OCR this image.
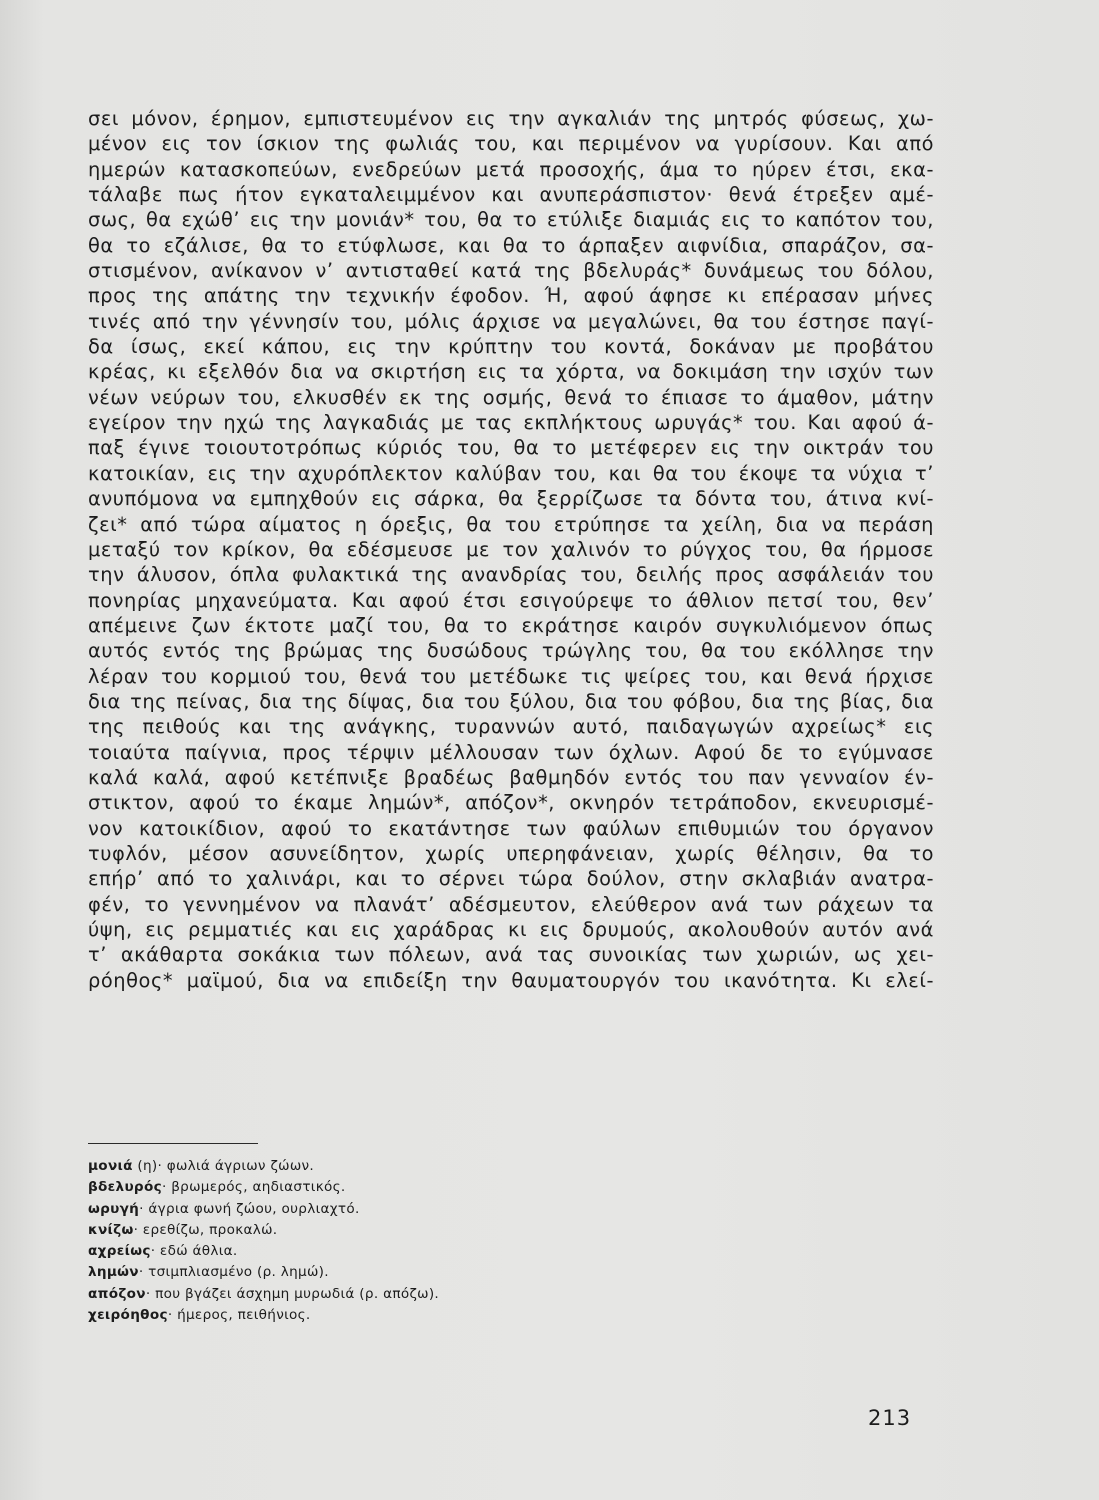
σει μόνον, έρημον, εμπιστευμένον εις την αγκαλιάν της μητρός φύσεως, χω-
μένον εις τον ίσκιον της φωλιάς του, και περιμένον να γυρίσουν. Και από
ημερών κατασκοπεύων, ενεδρεύων μετά προσοχής, άμα το ηύρεν έτσι, εκα-
τάλαβε πως ήτον εγκαταλειμμένον και ανυπεράσπιστον· θενά έτρεξεν αμέ-
σως, θα εχώθ’ εις την μονιάν* του, θα το ετύλιξε διαμιάς εις το καπότον του,
θα το εζάλισε, θα το ετύφλωσε, και θα το άρπαξεν αιφνίδια, σπαράζον, σα-
στισμένον, ανίκανον ν’ αντισταθεί κατά της βδελυράς* δυνάμεως του δόλου,
προς της απάτης την τεχνικήν έφοδον. Ή, αφού άφησε κι επέρασαν μήνες
τινές από την γέννησίν του, μόλις άρχισε να μεγαλώνει, θα του έστησε παγί-
δα ίσως, εκεί κάπου, εις την κρύπτην του κοντά, δοκάναν με προβάτου
κρέας, κι εξελθόν δια να σκιρτήση εις τα χόρτα, να δοκιμάση την ισχύν των
νέων νεύρων του, ελκυσθέν εκ της οσμής, θενά το έπιασε το άμαθον, μάτην
εγείρον την ηχώ της λαγκαδιάς με τας εκπλήκτους ωρυγάς* του. Και αφού ά-
παξ έγινε τοιουτοτρόπως κύριός του, θα το μετέφερεν εις την οικτράν του
κατοικίαν, εις την αχυρόπλεκτον καλύβαν του, και θα του έκοψε τα νύχια τ’
ανυπόμονα να εμπηχθούν εις σάρκα, θα ξερρίζωσε τα δόντα του, άτινα κνί-
ζει* από τώρα αίματος η όρεξις, θα του ετρύπησε τα χείλη, δια να περάση
μεταξύ τον κρίκον, θα εδέσμευσε με τον χαλινόν το ρύγχος του, θα ήρμοσε
την άλυσον, όπλα φυλακτικά της ανανδρίας του, δειλής προς ασφάλειάν του
πονηρίας μηχανεύματα. Και αφού έτσι εσιγούρεψε το άθλιον πετσί του, θεν’
απέμεινε ζων έκτοτε μαζί του, θα το εκράτησε καιρόν συγκυλιόμενον όπως
αυτός εντός της βρώμας της δυσώδους τρώγλης του, θα του εκόλλησε την
λέραν του κορμιού του, θενά του μετέδωκε τις ψείρες του, και θενά ήρχισε
δια της πείνας, δια της δίψας, δια του ξύλου, δια του φόβου, δια της βίας, δια
της πειθούς και της ανάγκης, τυραννών αυτό, παιδαγωγών αχρείως* εις
τοιαύτα παίγνια, προς τέρψιν μέλλουσαν των όχλων. Αφού δε το εγύμνασε
καλά καλά, αφού κετέπνιξε βραδέως βαθμηδόν εντός του παν γενναίον έν-
στικτον, αφού το έκαμε λημών*, απόζον*, οκνηρόν τετράποδον, εκνευρισμέ-
νον κατοικίδιον, αφού το εκατάντησε των φαύλων επιθυμιών του όργανον
τυφλόν, μέσον ασυνείδητον, χωρίς υπερηφάνειαν, χωρίς θέλησιν, θα το
επήρ’ από το χαλινάρι, και το σέρνει τώρα δούλον, στην σκλαβιάν ανατρα-
φέν, το γεννημένον να πλανάτ’ αδέσμευτον, ελεύθερον ανά των ράχεων τα
ύψη, εις ρεμματιές και εις χαράδρας κι εις δρυμούς, ακολουθούν αυτόν ανά
τ’ ακάθαρτα σοκάκια των πόλεων, ανά τας συνοικίας των χωριών, ως χει-
ρόηθος* μαϊμού, δια να επιδείξη την θαυματουργόν του ικανότητα. Κι ελεί-
μονιά (η)· φωλιά άγριων ζώων.
βδελυρός· βρωμερός, αηδιαστικός.
ωρυγή· άγρια φωνή ζώου, ουρλιαχτό.
κνίζω· ερεθίζω, προκαλώ.
αχρείως· εδώ άθλια.
λημών· τσιμπλιασμένο (ρ. λημώ).
απόζον· που βγάζει άσχημη μυρωδιά (ρ. απόζω).
χειρόηθος· ήμερος, πειθήνιος.
213
